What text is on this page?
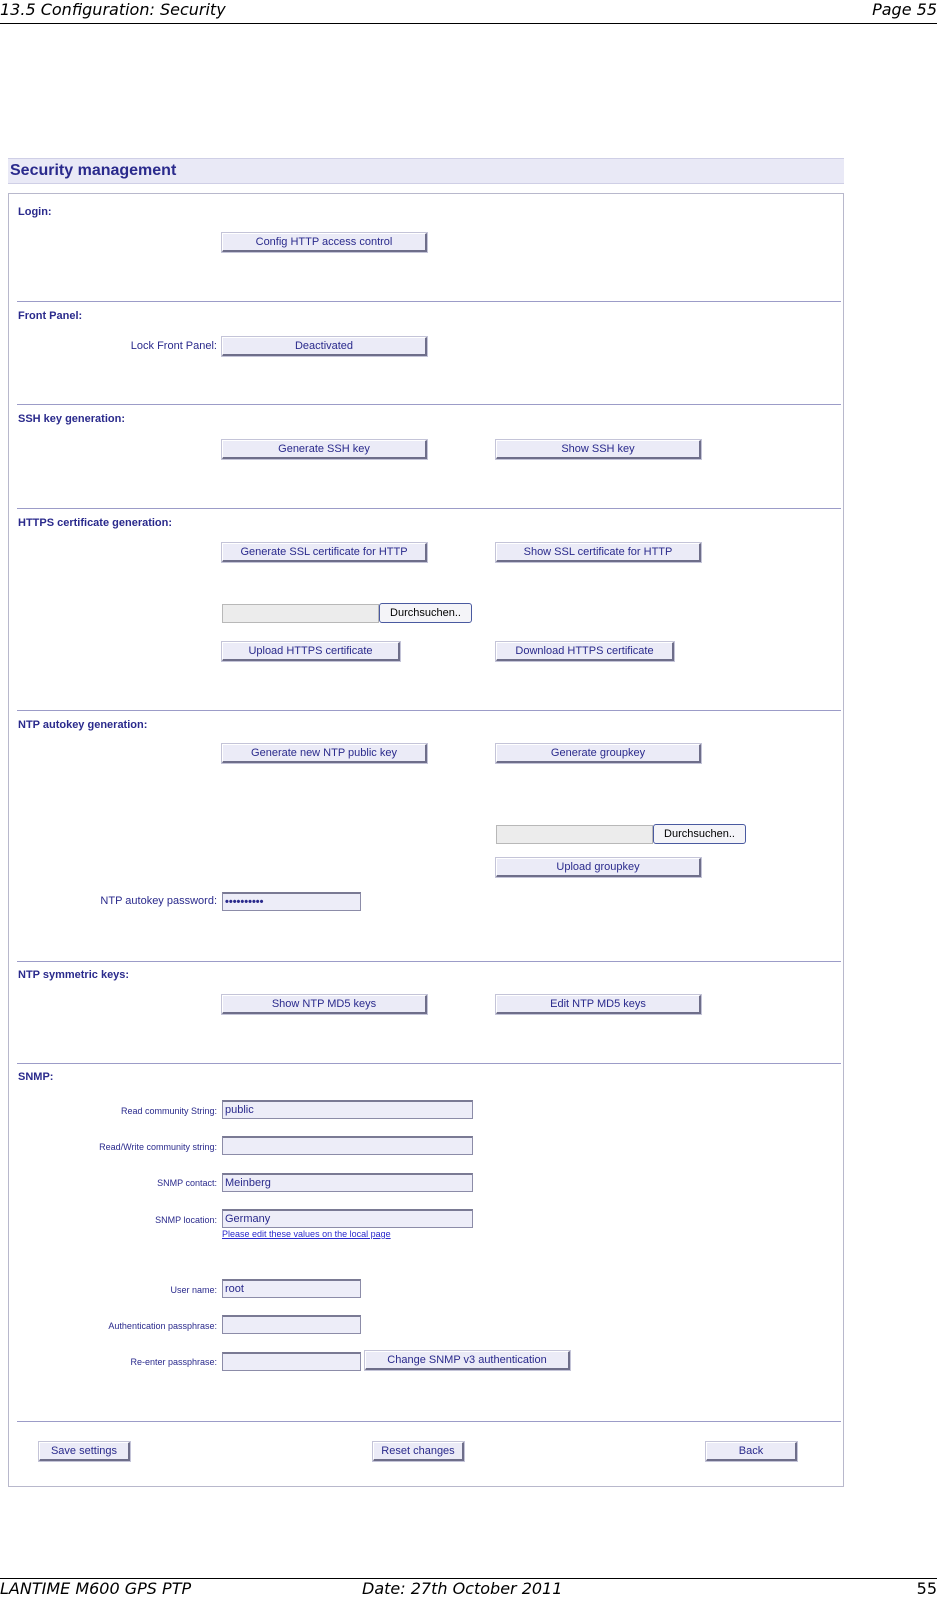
13.5 Configuration: Security	Page 55
Security management
Login:
Config HTTP access control
Front Panel:
Lock Front Panel:	Deactivated
SSH key generation:
Generate SSH key	Show SSH key
HTTPS certificate generation:
Generate SSL certificate for HTTP	Show SSL certificate for HTTP
Durchsuchen..
Upload HTTPS certificate	Download HTTPS certificate
NTP autokey generation:
Generate new NTP public key	Generate groupkey
Durchsuchen..
Upload groupkey
NTP autokey password: ••••••••••
NTP symmetric keys:
Show NTP MD5 keys	Edit NTP MD5 keys
SNMP:
Read community String: public
Read/Write community string:
SNMP contact: Meinberg
SNMP location: Germany
Please edit these values on the local page
User name: root
Authentication passphrase:
Re-enter passphrase:	Change SNMP v3 authentication
Save settings	Reset changes	Back
LANTIME M600 GPS PTP	Date: 27th October 2011	55
